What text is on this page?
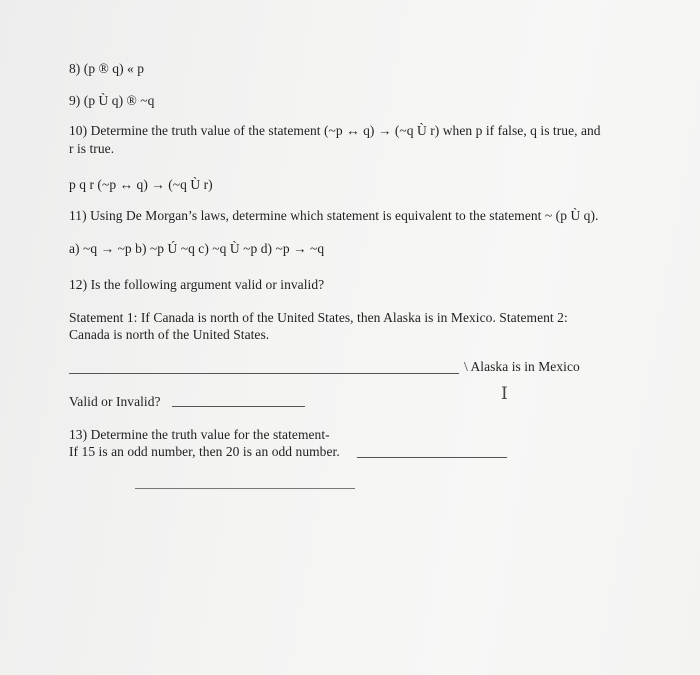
8) (p ® q) « p
9) (p Ù q) ® ~q
10) Determine the truth value of the statement (~p ↔ q) → (~q Ù r) when p if false, q is true, and
r is true.
p q r (~p ↔ q) → (~q Ù r)
11) Using De Morgan’s laws, determine which statement is equivalent to the statement ~ (p Ù q).
a) ~q → ~p b) ~p Ú ~q c) ~q Ù ~p d) ~p → ~q
12) Is the following argument valid or invalid?
Statement 1: If Canada is north of the United States, then Alaska is in Mexico. Statement 2:
Canada is north of the United States.
\ Alaska is in Mexico
Valid or Invalid?	I
13) Determine the truth value for the statement-
If 15 is an odd number, then 20 is an odd number.
